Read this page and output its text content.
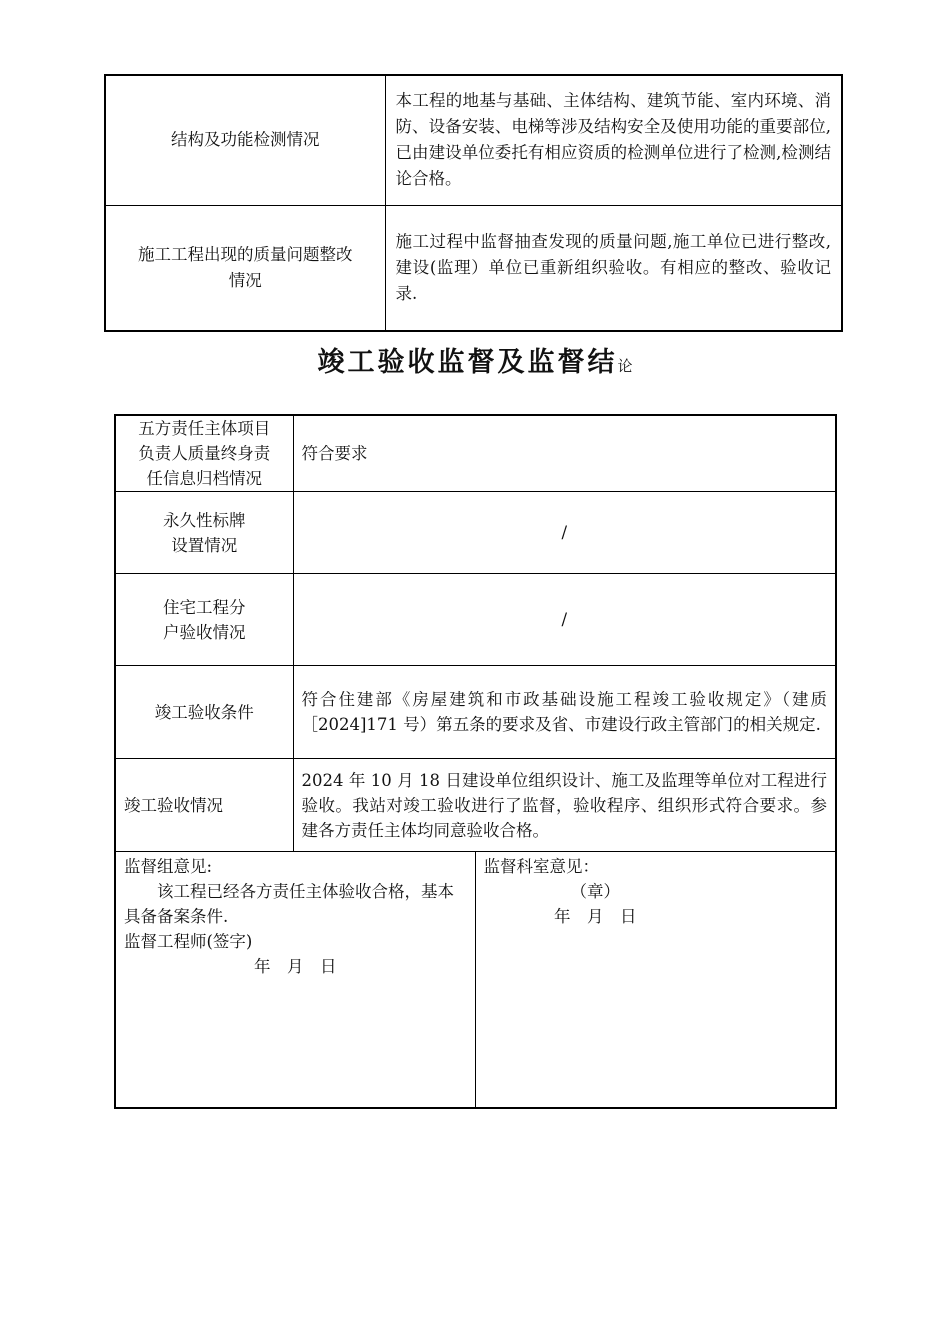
结构及功能检测情况	本工程的地基与基础、主体结构、建筑节能、室内环境、消防、设备安装、电梯等涉及结构安全及使用功能的重要部位,已由建设单位委托有相应资质的检测单位进行了检测,检测结论合格。

施工工程出现的质量问题整改
情况	施工过程中监督抽查发现的质量问题,施工单位已进行整改,建设(监理）单位已重新组织验收。有相应的整改、验收记录.
竣工验收监督及监督结论
五方责任主体项目
负责人质量终身责
任信息归档情况	符合要求	

永久性标牌
设置情况	/	

住宅工程分
户验收情况	/	
竣工验收条件	符合住建部《房屋建筑和市政基础设施工程竣工验收规定》（建质［2024]171 号）第五条的要求及省、市建设行政主管部门的相关规定.	
竣工验收情况	2024 年 10 月 18 日建设单位组织设计、施工及监理等单位对工程进行验收。我站对竣工验收进行了监督，验收程序、组织形式符合要求。参建各方责任主体均同意验收合格。	

监督组意见:
该工程已经各方责任主体验收合格，基本具备备案条件.
监督工程师(签字)
年　月　日		监督科室意见：
（章）
年　月　日
